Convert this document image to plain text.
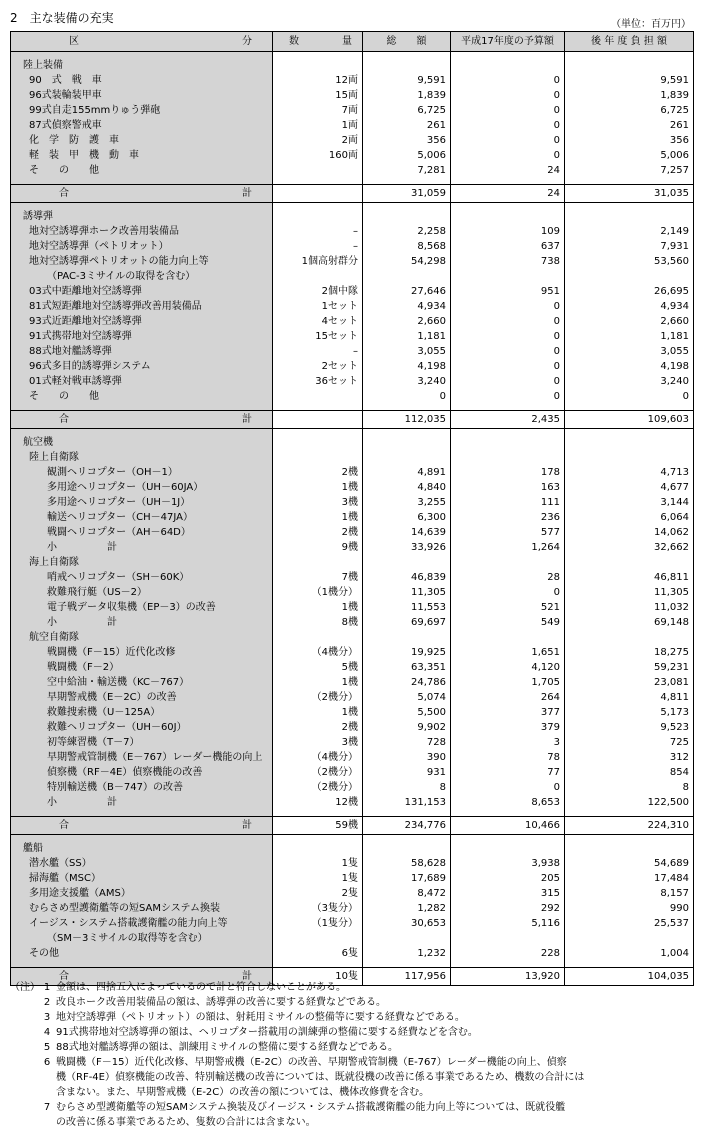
2　主な装備の充実	（単位：百万円）
区 分	数 量	総　　額	平成17年度の予算額	後 年 度 負 担 額

陸上装備				
90　式　戦　車	12両	9,591	0	9,591
96式装輪装甲車	15両	1,839	0	1,839
99式自走155mmりゅう弾砲	7両	6,725	0	6,725
87式偵察警戒車	1両	261	0	261
化　学　防　護　車	2両	356	0	356
軽　装　甲　機　動　車	160両	5,006	0	5,006
そ　　の　　他		7,281	24	7,257

合 計		31,059	24	31,035

誘導弾				
地対空誘導弾ホーク改善用装備品	–	2,258	109	2,149
地対空誘導弾（ペトリオット）	–	8,568	637	7,931
地対空誘導弾ペトリオットの能力向上等	1個高射群分	54,298	738	53,560
（PAC-3ミサイルの取得を含む）				
03式中距離地対空誘導弾	2個中隊	27,646	951	26,695
81式短距離地対空誘導弾改善用装備品	1セット	4,934	0	4,934
93式近距離地対空誘導弾	4セット	2,660	0	2,660
91式携帯地対空誘導弾	15セット	1,181	0	1,181
88式地対艦誘導弾	–	3,055	0	3,055
96式多目的誘導弾システム	2セット	4,198	0	4,198
01式軽対戦車誘導弾	36セット	3,240	0	3,240
そ　　の　　他		0	0	0

合 計		112,035	2,435	109,603

航空機				
陸上自衛隊				
観測ヘリコプター（OH－1）	2機	4,891	178	4,713
多用途ヘリコプター（UH－60JA）	1機	4,840	163	4,677
多用途ヘリコプター（UH－1J）	3機	3,255	111	3,144
輸送ヘリコプター（CH－47JA）	1機	6,300	236	6,064
戦闘ヘリコプター（AH－64D）	2機	14,639	577	14,062
小　　　　　計	9機	33,926	1,264	32,662
海上自衛隊				
哨戒ヘリコプター（SH－60K）	7機	46,839	28	46,811
救難飛行艇（US－2）	（1機分）	11,305	0	11,305
電子戦データ収集機（EP－3）の改善	1機	11,553	521	11,032
小　　　　　計	8機	69,697	549	69,148
航空自衛隊				
戦闘機（F－15）近代化改修	（4機分）	19,925	1,651	18,275
戦闘機（F－2）	5機	63,351	4,120	59,231
空中給油・輸送機（KC－767）	1機	24,786	1,705	23,081
早期警戒機（E－2C）の改善	（2機分）	5,074	264	4,811
救難捜索機（U－125A）	1機	5,500	377	5,173
救難ヘリコプター（UH－60J）	2機	9,902	379	9,523
初等練習機（T－7）	3機	728	3	725
早期警戒管制機（E－767）レーダー機能の向上	（4機分）	390	78	312
偵察機（RF－4E）偵察機能の改善	（2機分）	931	77	854
特別輸送機（B－747）の改善	（2機分）	8	0	8
小　　　　　計	12機	131,153	8,653	122,500

合 計	59機	234,776	10,466	224,310

艦船				
潜水艦（SS）	1隻	58,628	3,938	54,689
掃海艦（MSC）	1隻	17,689	205	17,484
多用途支援艦（AMS）	2隻	8,472	315	8,157
むらさめ型護衛艦等の短SAMシステム換装	（3隻分）	1,282	292	990
イージス・システム搭載護衛艦の能力向上等	（1隻分）	30,653	5,116	25,537
（SM－3ミサイルの取得等を含む）				
その他	6隻	1,232	228	1,004

合 計	10隻	117,956	13,920	104,035
（注） 1 金額は、四捨五入によっているので計と符合しないことがある。
2 改良ホーク改善用装備品の額は、誘導弾の改善に要する経費などである。
3 地対空誘導弾（ペトリオット）の額は、射耗用ミサイルの整備等に要する経費などである。
4 91式携帯地対空誘導弾の額は、ヘリコプター搭載用の訓練弾の整備に要する経費などを含む。
5 88式地対艦誘導弾の額は、訓練用ミサイルの整備に要する経費などである。
6 戦闘機（F－15）近代化改修、早期警戒機（E-2C）の改善、早期警戒管制機（E-767）レーダー機能の向上、偵察
機（RF-4E）偵察機能の改善、特別輸送機の改善については、既就役機の改善に係る事業であるため、機数の合計には
含まない。また、早期警戒機（E-2C）の改善の額については、機体改修費を含む。
7 むらさめ型護衛艦等の短SAMシステム換装及びイージス・システム搭載護衛艦の能力向上等については、既就役艦
の改善に係る事業であるため、隻数の合計には含まない。
